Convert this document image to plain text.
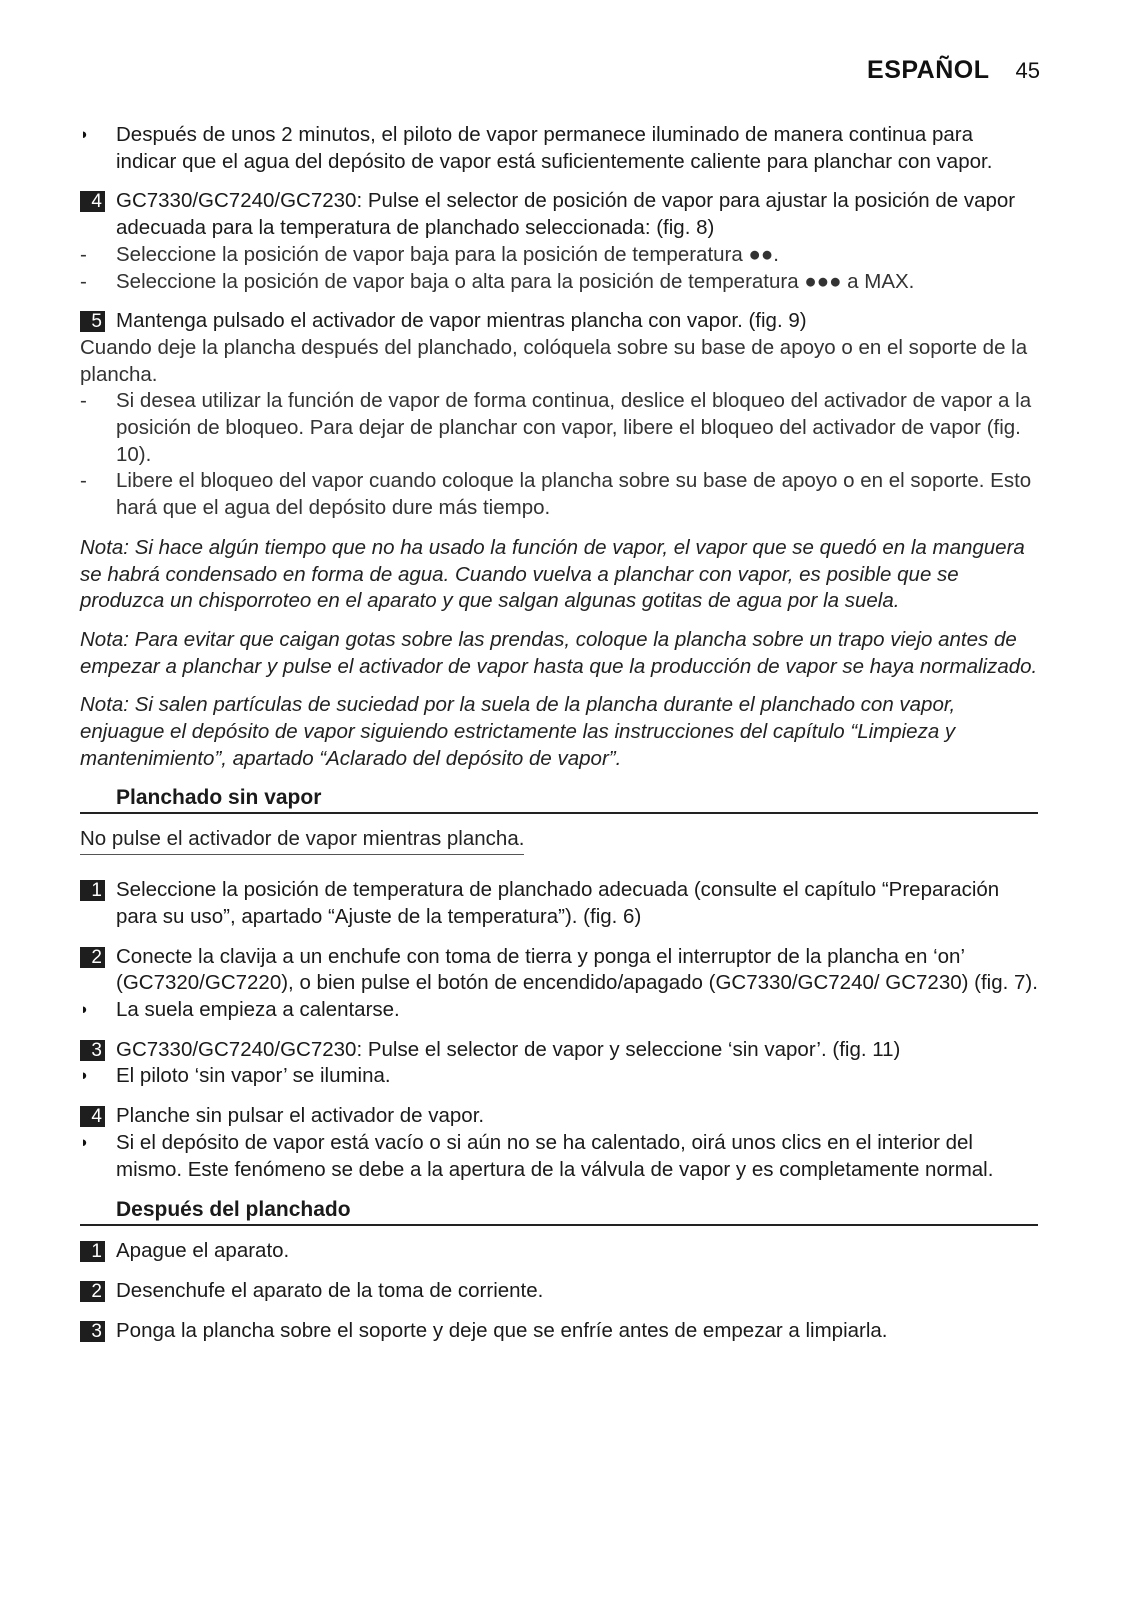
ESPAÑOL 45
◗	Después de unos 2 minutos, el piloto de vapor permanece iluminado de manera continua para indicar que el agua del depósito de vapor está suficientemente caliente para planchar con vapor.
4 GC7330/GC7240/GC7230: Pulse el selector de posición de vapor para ajustar la posición de vapor adecuada para la temperatura de planchado seleccionada: (fig. 8)
-	Seleccione la posición de vapor baja para la posición de temperatura ●●.
-	Seleccione la posición de vapor baja o alta para la posición de temperatura ●●● a MAX.
5 Mantenga pulsado el activador de vapor mientras plancha con vapor. (fig. 9)
Cuando deje la plancha después del planchado, colóquela sobre su base de apoyo o en el soporte de la plancha.
-	Si desea utilizar la función de vapor de forma continua, deslice el bloqueo del activador de vapor a la posición de bloqueo. Para dejar de planchar con vapor, libere el bloqueo del activador de vapor (fig. 10).
-	Libere el bloqueo del vapor cuando coloque la plancha sobre su base de apoyo o en el soporte. Esto hará que el agua del depósito dure más tiempo.
Nota: Si hace algún tiempo que no ha usado la función de vapor, el vapor que se quedó en la manguera se habrá condensado en forma de agua. Cuando vuelva a planchar con vapor, es posible que se produzca un chisporroteo en el aparato y que salgan algunas gotitas de agua por la suela.
Nota: Para evitar que caigan gotas sobre las prendas, coloque la plancha sobre un trapo viejo antes de empezar a planchar y pulse el activador de vapor hasta que la producción de vapor se haya normalizado.
Nota: Si salen partículas de suciedad por la suela de la plancha durante el planchado con vapor, enjuague el depósito de vapor siguiendo estrictamente las instrucciones del capítulo “Limpieza y mantenimiento”, apartado “Aclarado del depósito de vapor”.
Planchado sin vapor
No pulse el activador de vapor mientras plancha.
1 Seleccione la posición de temperatura de planchado adecuada (consulte el capítulo “Preparación para su uso”, apartado “Ajuste de la temperatura”). (fig. 6)
2 Conecte la clavija a un enchufe con toma de tierra y ponga el interruptor de la plancha en ‘on’ (GC7320/GC7220), o bien pulse el botón de encendido/apagado (GC7330/GC7240/ GC7230) (fig. 7).
◗	La suela empieza a calentarse.
3 GC7330/GC7240/GC7230: Pulse el selector de vapor y seleccione ‘sin vapor’. (fig. 11)
◗	El piloto ‘sin vapor’ se ilumina.
4 Planche sin pulsar el activador de vapor.
◗	Si el depósito de vapor está vacío o si aún no se ha calentado, oirá unos clics en el interior del mismo. Este fenómeno se debe a la apertura de la válvula de vapor y es completamente normal.
Después del planchado
1 Apague el aparato.
2 Desenchufe el aparato de la toma de corriente.
3 Ponga la plancha sobre el soporte y deje que se enfríe antes de empezar a limpiarla.
